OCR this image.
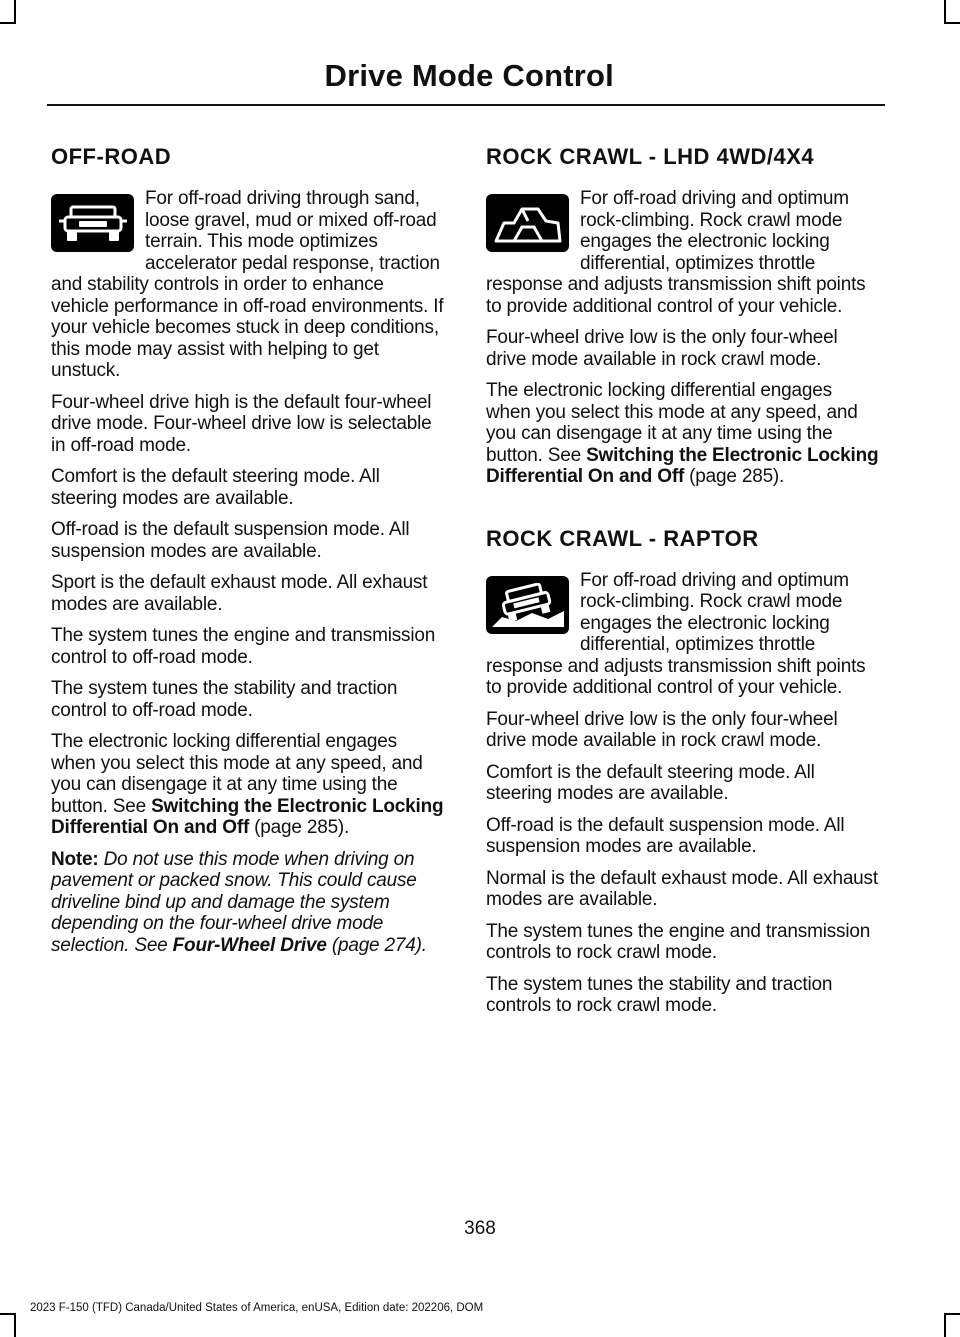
Drive Mode Control
OFF-ROAD

For off-road driving through sand, loose gravel, mud or mixed off-road terrain. This mode optimizes accelerator pedal response, traction and stability controls in order to enhance vehicle performance in off-road environments. If your vehicle becomes stuck in deep conditions, this mode may assist with helping to get unstuck.

Four-wheel drive high is the default four-wheel drive mode. Four-wheel drive low is selectable in off-road mode.

Comfort is the default steering mode. All steering modes are available.

Off-road is the default suspension mode. All suspension modes are available.

Sport is the default exhaust mode. All exhaust modes are available.

The system tunes the engine and transmission control to off-road mode.

The system tunes the stability and traction control to off-road mode.

The electronic locking differential engages when you select this mode at any speed, and you can disengage it at any time using the button. See Switching the Electronic Locking Differential On and Off (page 285).

Note: Do not use this mode when driving on pavement or packed snow. This could cause driveline bind up and damage the system depending on the four-wheel drive mode selection. See Four-Wheel Drive (page 274).

ROCK CRAWL - LHD 4WD/4X4

For off-road driving and optimum rock-climbing. Rock crawl mode engages the electronic locking differential, optimizes throttle response and adjusts transmission shift points to provide additional control of your vehicle.

Four-wheel drive low is the only four-wheel drive mode available in rock crawl mode.

The electronic locking differential engages when you select this mode at any speed, and you can disengage it at any time using the button. See Switching the Electronic Locking Differential On and Off (page 285).

ROCK CRAWL - RAPTOR

For off-road driving and optimum rock-climbing. Rock crawl mode engages the electronic locking differential, optimizes throttle response and adjusts transmission shift points to provide additional control of your vehicle.

Four-wheel drive low is the only four-wheel drive mode available in rock crawl mode.

Comfort is the default steering mode. All steering modes are available.

Off-road is the default suspension mode. All suspension modes are available.

Normal is the default exhaust mode. All exhaust modes are available.

The system tunes the engine and transmission controls to rock crawl mode.

The system tunes the stability and traction controls to rock crawl mode.

368
2023 F-150 (TFD) Canada/United States of America, enUSA, Edition date: 202206, DOM
